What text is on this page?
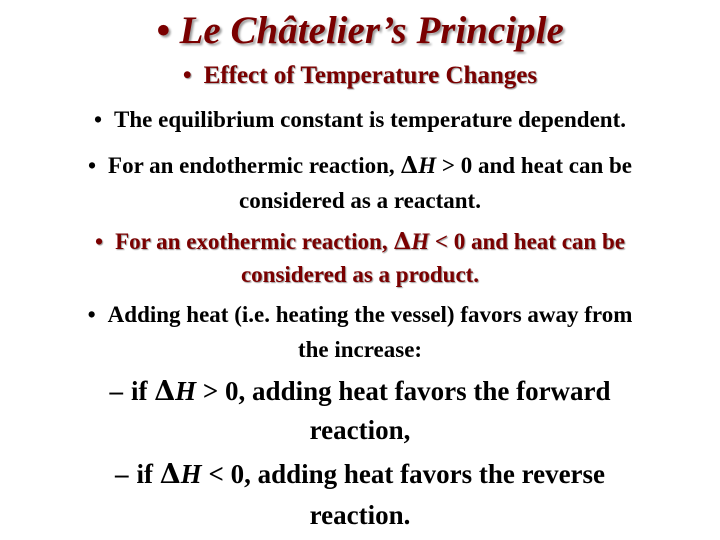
• Le Châtelier’s Principle
• Effect of Temperature Changes
• The equilibrium constant is temperature dependent.
• For an endothermic reaction, ΔH > 0 and heat can be
considered as a reactant.
• For an exothermic reaction, ΔH < 0 and heat can be
considered as a product.
• Adding heat (i.e. heating the vessel) favors away from
the increase:
– if ΔH > 0, adding heat favors the forward
reaction,
– if ΔH < 0, adding heat favors the reverse
reaction.
